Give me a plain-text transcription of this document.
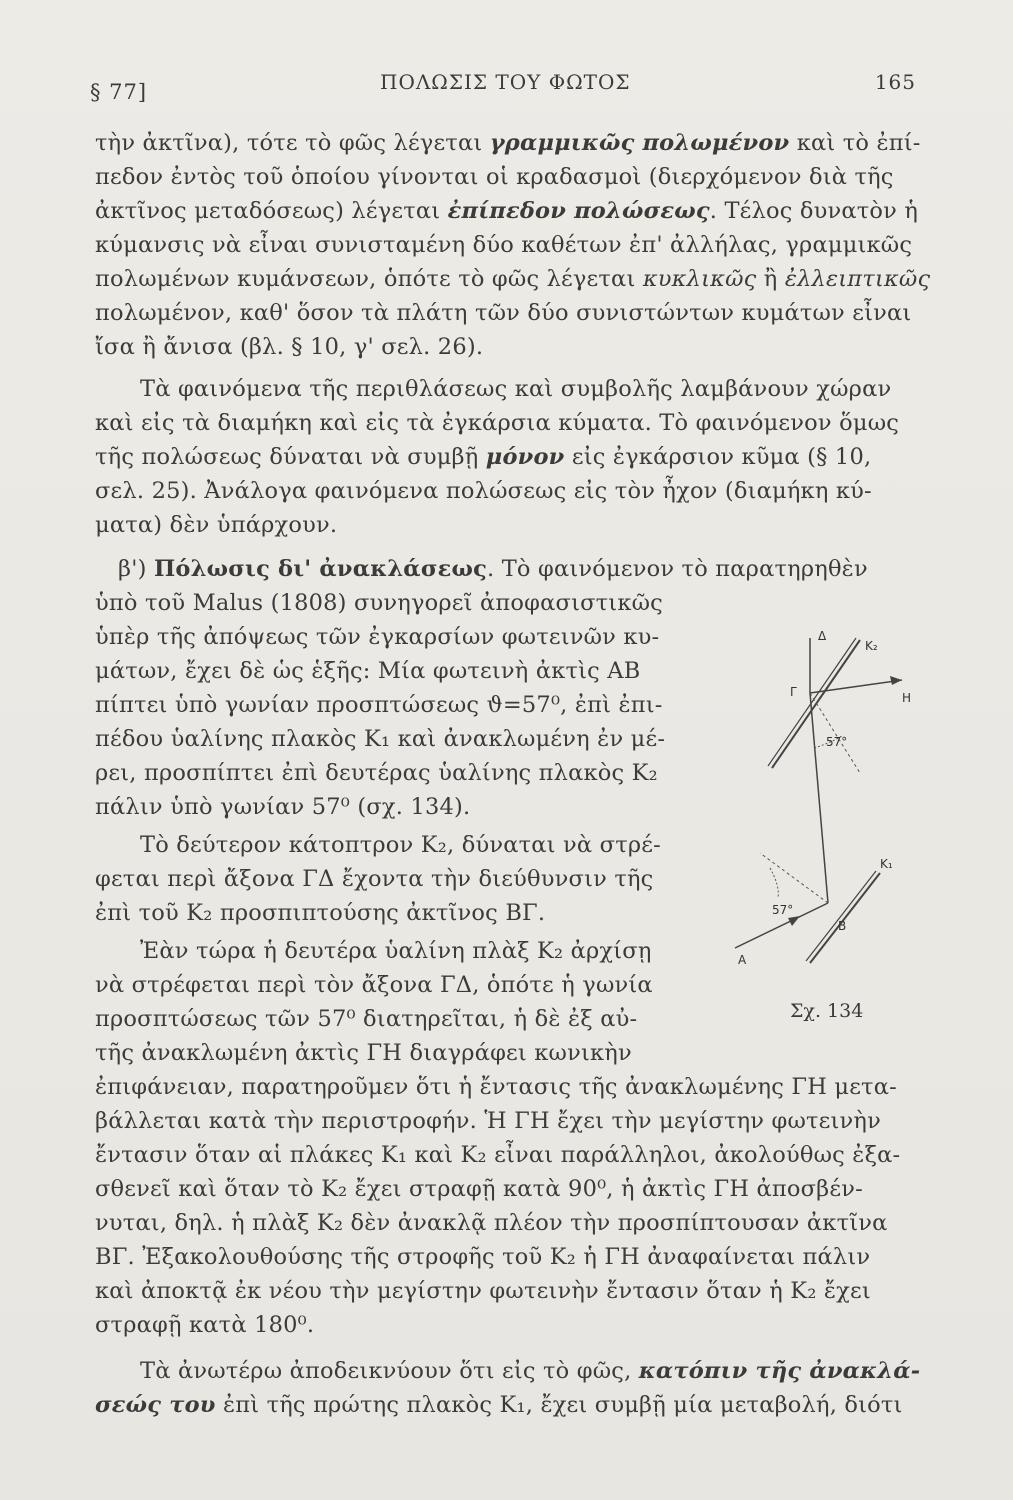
§ 77]	ΠΟΛΩΣΙΣ ΤΟΥ ΦΩΤΟΣ	165
τὴν ἀκτῖνα), τότε τὸ φῶς λέγεται γραμμικῶς πολωμένον καὶ τὸ ἐπί-
πεδον ἐντὸς τοῦ ὁποίου γίνονται οἱ κραδασμοὶ (διερχόμενον διὰ τῆς
ἀκτῖνος μεταδόσεως) λέγεται ἐπίπεδον πολώσεως. Τέλος δυνατὸν ἡ
κύμανσις νὰ εἶναι συνισταμένη δύο καθέτων ἐπ' ἀλλήλας, γραμμικῶς
πολωμένων κυμάνσεων, ὁπότε τὸ φῶς λέγεται κυκλικῶς ἢ ἐλλειπτικῶς
πολωμένον, καθ' ὅσον τὰ πλάτη τῶν δύο συνιστώντων κυμάτων εἶναι
ἴσα ἢ ἄνισα (βλ. § 10, γ' σελ. 26).
Τὰ φαινόμενα τῆς περιθλάσεως καὶ συμβολῆς λαμβάνουν χώραν
καὶ εἰς τὰ διαμήκη καὶ εἰς τὰ ἐγκάρσια κύματα. Τὸ φαινόμενον ὅμως
τῆς πολώσεως δύναται νὰ συμβῇ μόνον εἰς ἐγκάρσιον κῦμα (§ 10,
σελ. 25). Ἀνάλογα φαινόμενα πολώσεως εἰς τὸν ἦχον (διαμήκη κύ-
ματα) δὲν ὑπάρχουν.
β') Πόλωσις δι' ἀνακλάσεως. Τὸ φαινόμενον τὸ παρατηρηθὲν
ὑπὸ τοῦ Malus (1808) συνηγορεῖ ἀποφασιστικῶς
ὑπὲρ τῆς ἀπόψεως τῶν ἐγκαρσίων φωτεινῶν κυ-
μάτων, ἔχει δὲ ὡς ἑξῆς: Μία φωτεινὴ ἀκτὶς ΑΒ
πίπτει ὑπὸ γωνίαν προσπτώσεως ϑ=57⁰, ἐπὶ ἐπι-
πέδου ὑαλίνης πλακὸς Κ₁ καὶ ἀνακλωμένη ἐν μέ-
ρει, προσπίπτει ἐπὶ δευτέρας ὑαλίνης πλακὸς Κ₂
πάλιν ὑπὸ γωνίαν 57⁰ (σχ. 134).
Τὸ δεύτερον κάτοπτρον Κ₂, δύναται νὰ στρέ-
φεται περὶ ἄξονα ΓΔ ἔχοντα τὴν διεύθυνσιν τῆς
ἐπὶ τοῦ Κ₂ προσπιπτούσης ἀκτῖνος ΒΓ.
Ἐὰν τώρα ἡ δευτέρα ὑαλίνη πλὰξ Κ₂ ἀρχίσῃ
νὰ στρέφεται περὶ τὸν ἄξονα ΓΔ, ὁπότε ἡ γωνία
προσπτώσεως τῶν 57⁰ διατηρεῖται, ἡ δὲ ἐξ αὐ-
τῆς ἀνακλωμένη ἀκτὶς ΓΗ διαγράφει κωνικὴν
ἐπιφάνειαν, παρατηροῦμεν ὅτι ἡ ἔντασις τῆς ἀνακλωμένης ΓΗ μετα-
βάλλεται κατὰ τὴν περιστροφήν. Ἡ ΓΗ ἔχει τὴν μεγίστην φωτεινὴν
ἔντασιν ὅταν αἱ πλάκες Κ₁ καὶ Κ₂ εἶναι παράλληλοι, ἀκολούθως ἐξα-
σθενεῖ καὶ ὅταν τὸ Κ₂ ἔχει στραφῇ κατὰ 90⁰, ἡ ἀκτὶς ΓΗ ἀποσβέν-
νυται, δηλ. ἡ πλὰξ Κ₂ δὲν ἀνακλᾷ πλέον τὴν προσπίπτουσαν ἀκτῖνα
ΒΓ. Ἐξακολουθούσης τῆς στροφῆς τοῦ Κ₂ ἡ ΓΗ ἀναφαίνεται πάλιν
καὶ ἀποκτᾷ ἐκ νέου τὴν μεγίστην φωτεινὴν ἔντασιν ὅταν ἡ Κ₂ ἔχει
στραφῇ κατὰ 180⁰.
Τὰ ἀνωτέρω ἀποδεικνύουν ὅτι εἰς τὸ φῶς, κατόπιν τῆς ἀνακλά-
σεώς του ἐπὶ τῆς πρώτης πλακὸς Κ₁, ἔχει συμβῇ μία μεταβολή, διότι
Δ
K₂
Γ	Η
57°
K₁
57°
Β
Α
Σχ. 134
